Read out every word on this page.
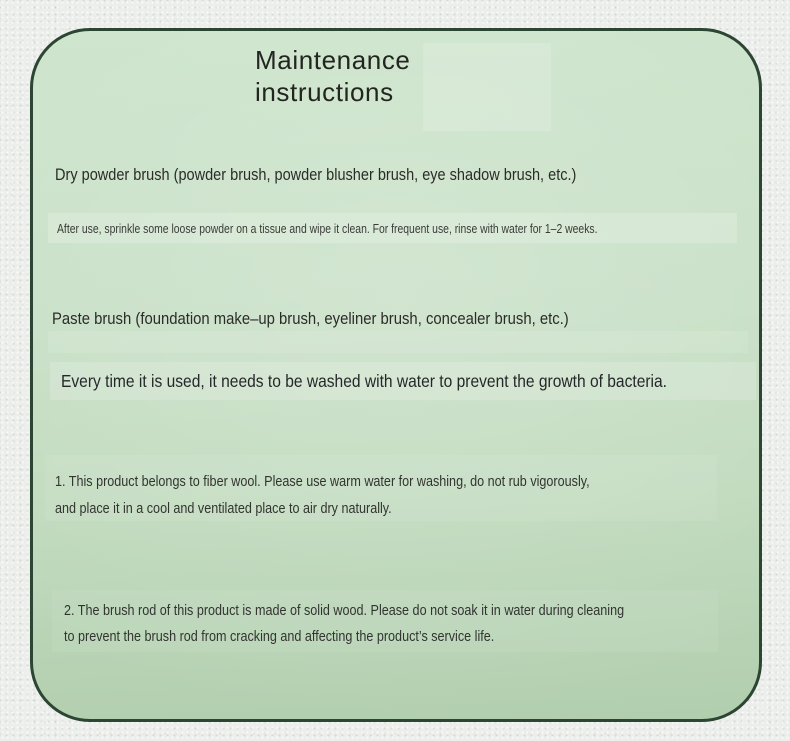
Maintenance
instructions
Dry powder brush (powder brush, powder blusher brush, eye shadow brush, etc.)
After use, sprinkle some loose powder on a tissue and wipe it clean. For frequent use, rinse with water for 1–2 weeks.
Paste brush (foundation make–up brush, eyeliner brush, concealer brush, etc.)
Every time it is used, it needs to be washed with water to prevent the growth of bacteria.
1. This product belongs to fiber wool. Please use warm water for washing, do not rub vigorously,
and place it in a cool and ventilated place to air dry naturally.
2. The brush rod of this product is made of solid wood. Please do not soak it in water during cleaning
to prevent the brush rod from cracking and affecting the product’s service life.
